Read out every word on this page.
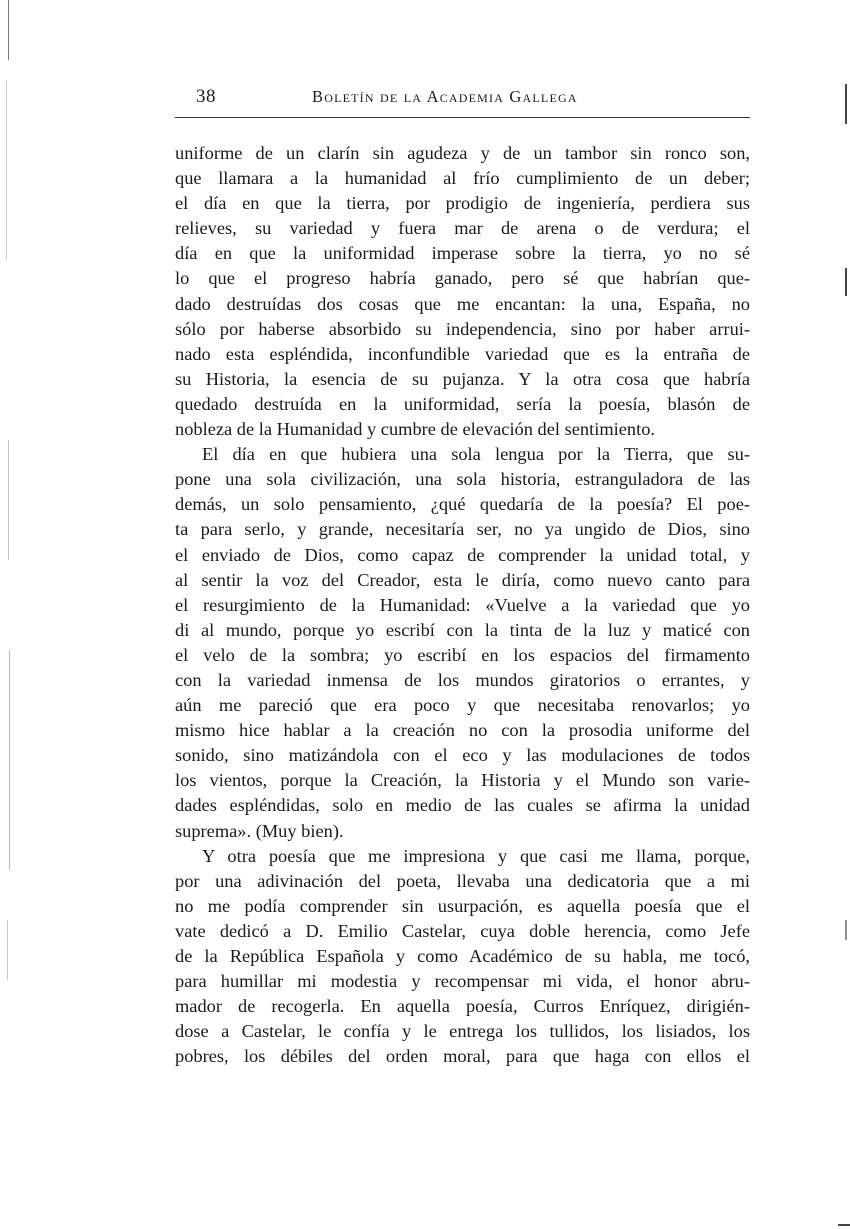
38	Boletín de la Academia Gallega
uniforme de un clarín sin agudeza y de un tambor sin ronco son,
que llamara a la humanidad al frío cumplimiento de un deber;
el día en que la tierra, por prodigio de ingeniería, perdiera sus
relieves, su variedad y fuera mar de arena o de verdura; el
día en que la uniformidad imperase sobre la tierra, yo no sé
lo que el progreso habría ganado, pero sé que habrían que-
dado destruídas dos cosas que me encantan: la una, España, no
sólo por haberse absorbido su independencia, sino por haber arrui-
nado esta espléndida, inconfundible variedad que es la entraña de
su Historia, la esencia de su pujanza. Y la otra cosa que habría
quedado destruída en la uniformidad, sería la poesía, blasón de
nobleza de la Humanidad y cumbre de elevación del sentimiento.
El día en que hubiera una sola lengua por la Tierra, que su-
pone una sola civilización, una sola historia, estranguladora de las
demás, un solo pensamiento, ¿qué quedaría de la poesía? El poe-
ta para serlo, y grande, necesitaría ser, no ya ungido de Dios, sino
el enviado de Dios, como capaz de comprender la unidad total, y
al sentir la voz del Creador, esta le diría, como nuevo canto para
el resurgimiento de la Humanidad: «Vuelve a la variedad que yo
di al mundo, porque yo escribí con la tinta de la luz y maticé con
el velo de la sombra; yo escribí en los espacios del firmamento
con la variedad inmensa de los mundos giratorios o errantes, y
aún me pareció que era poco y que necesitaba renovarlos; yo
mismo hice hablar a la creación no con la prosodia uniforme del
sonido, sino matizándola con el eco y las modulaciones de todos
los vientos, porque la Creación, la Historia y el Mundo son varie-
dades espléndidas, solo en medio de las cuales se afirma la unidad
suprema». (Muy bien).
Y otra poesía que me impresiona y que casi me llama, porque,
por una adivinación del poeta, llevaba una dedicatoria que a mi
no me podía comprender sin usurpación, es aquella poesía que el
vate dedicó a D. Emilio Castelar, cuya doble herencia, como Jefe
de la República Española y como Académico de su habla, me tocó,
para humillar mi modestia y recompensar mi vida, el honor abru-
mador de recogerla. En aquella poesía, Curros Enríquez, dirigién-
dose a Castelar, le confía y le entrega los tullidos, los lisiados, los
pobres, los débiles del orden moral, para que haga con ellos el
